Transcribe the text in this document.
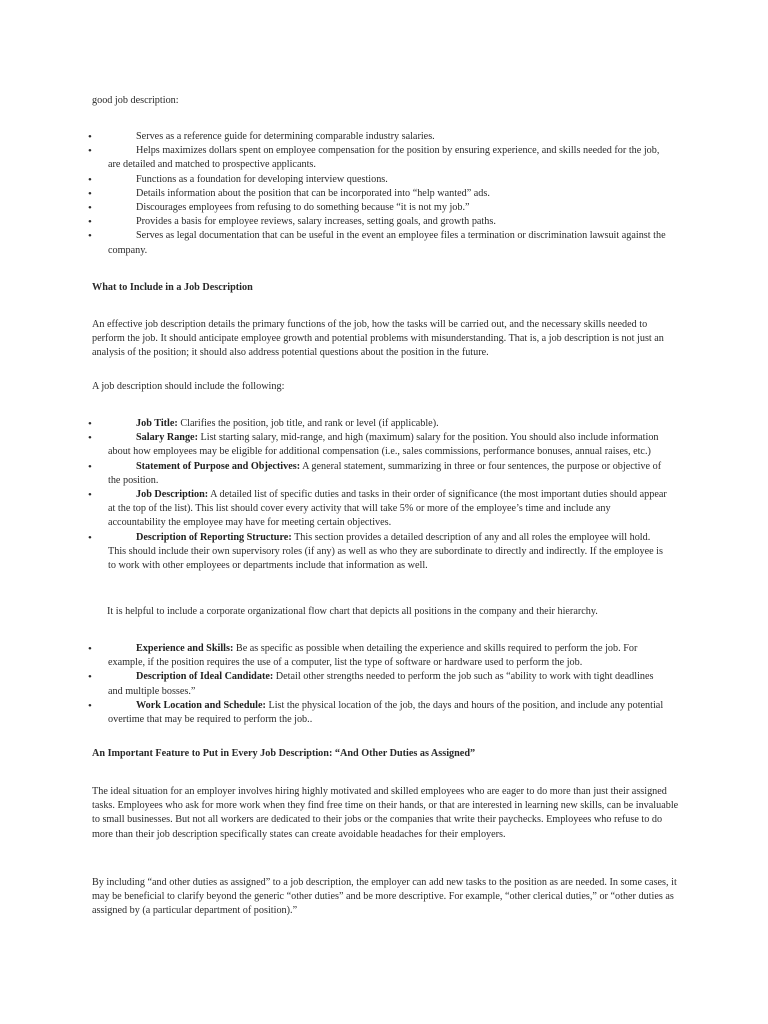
good job description:
•	Serves as a reference guide for determining comparable industry salaries.
•	Helps maximizes dollars spent on employee compensation for the position by ensuring experience, and skills needed for the job, are detailed and matched to prospective applicants.
•	Functions as a foundation for developing interview questions.
•	Details information about the position that can be incorporated into “help wanted” ads.
•	Discourages employees from refusing to do something because “it is not my job.”
•	Provides a basis for employee reviews, salary increases, setting goals, and growth paths.
•	Serves as legal documentation that can be useful in the event an employee files a termination or discrimination lawsuit against the company.
What to Include in a Job Description
An effective job description details the primary functions of the job, how the tasks will be carried out, and the necessary skills needed to perform the job. It should anticipate employee growth and potential problems with misunderstanding. That is, a job description is not just an analysis of the position; it should also address potential questions about the position in the future.
A job description should include the following:
•	Job Title: Clarifies the position, job title, and rank or level (if applicable).
•	Salary Range: List starting salary, mid-range, and high (maximum) salary for the position. You should also include information about how employees may be eligible for additional compensation (i.e., sales commissions, performance bonuses, annual raises, etc.)
•	Statement of Purpose and Objectives: A general statement, summarizing in three or four sentences, the purpose or objective of the position.
•	Job Description: A detailed list of specific duties and tasks in their order of significance (the most important duties should appear at the top of the list). This list should cover every activity that will take 5% or more of the employee’s time and include any accountability the employee may have for meeting certain objectives.
•	Description of Reporting Structure: This section provides a detailed description of any and all roles the employee will hold. This should include their own supervisory roles (if any) as well as who they are subordinate to directly and indirectly. If the employee is to work with other employees or departments include that information as well.
It is helpful to include a corporate organizational flow chart that depicts all positions in the company and their hierarchy.
•	Experience and Skills: Be as specific as possible when detailing the experience and skills required to perform the job. For example, if the position requires the use of a computer, list the type of software or hardware used to perform the job.
•	Description of Ideal Candidate: Detail other strengths needed to perform the job such as “ability to work with tight deadlines and multiple bosses.”
•	Work Location and Schedule: List the physical location of the job, the days and hours of the position, and include any potential overtime that may be required to perform the job..
An Important Feature to Put in Every Job Description: “And Other Duties as Assigned”
The ideal situation for an employer involves hiring highly motivated and skilled employees who are eager to do more than just their assigned tasks. Employees who ask for more work when they find free time on their hands, or that are interested in learning new skills, can be invaluable to small businesses. But not all workers are dedicated to their jobs or the companies that write their paychecks. Employees who refuse to do more than their job description specifically states can create avoidable headaches for their employers.
By including “and other duties as assigned” to a job description, the employer can add new tasks to the position as are needed. In some cases, it may be beneficial to clarify beyond the generic “other duties” and be more descriptive. For example, “other clerical duties,” or “other duties as assigned by (a particular department of position).”
